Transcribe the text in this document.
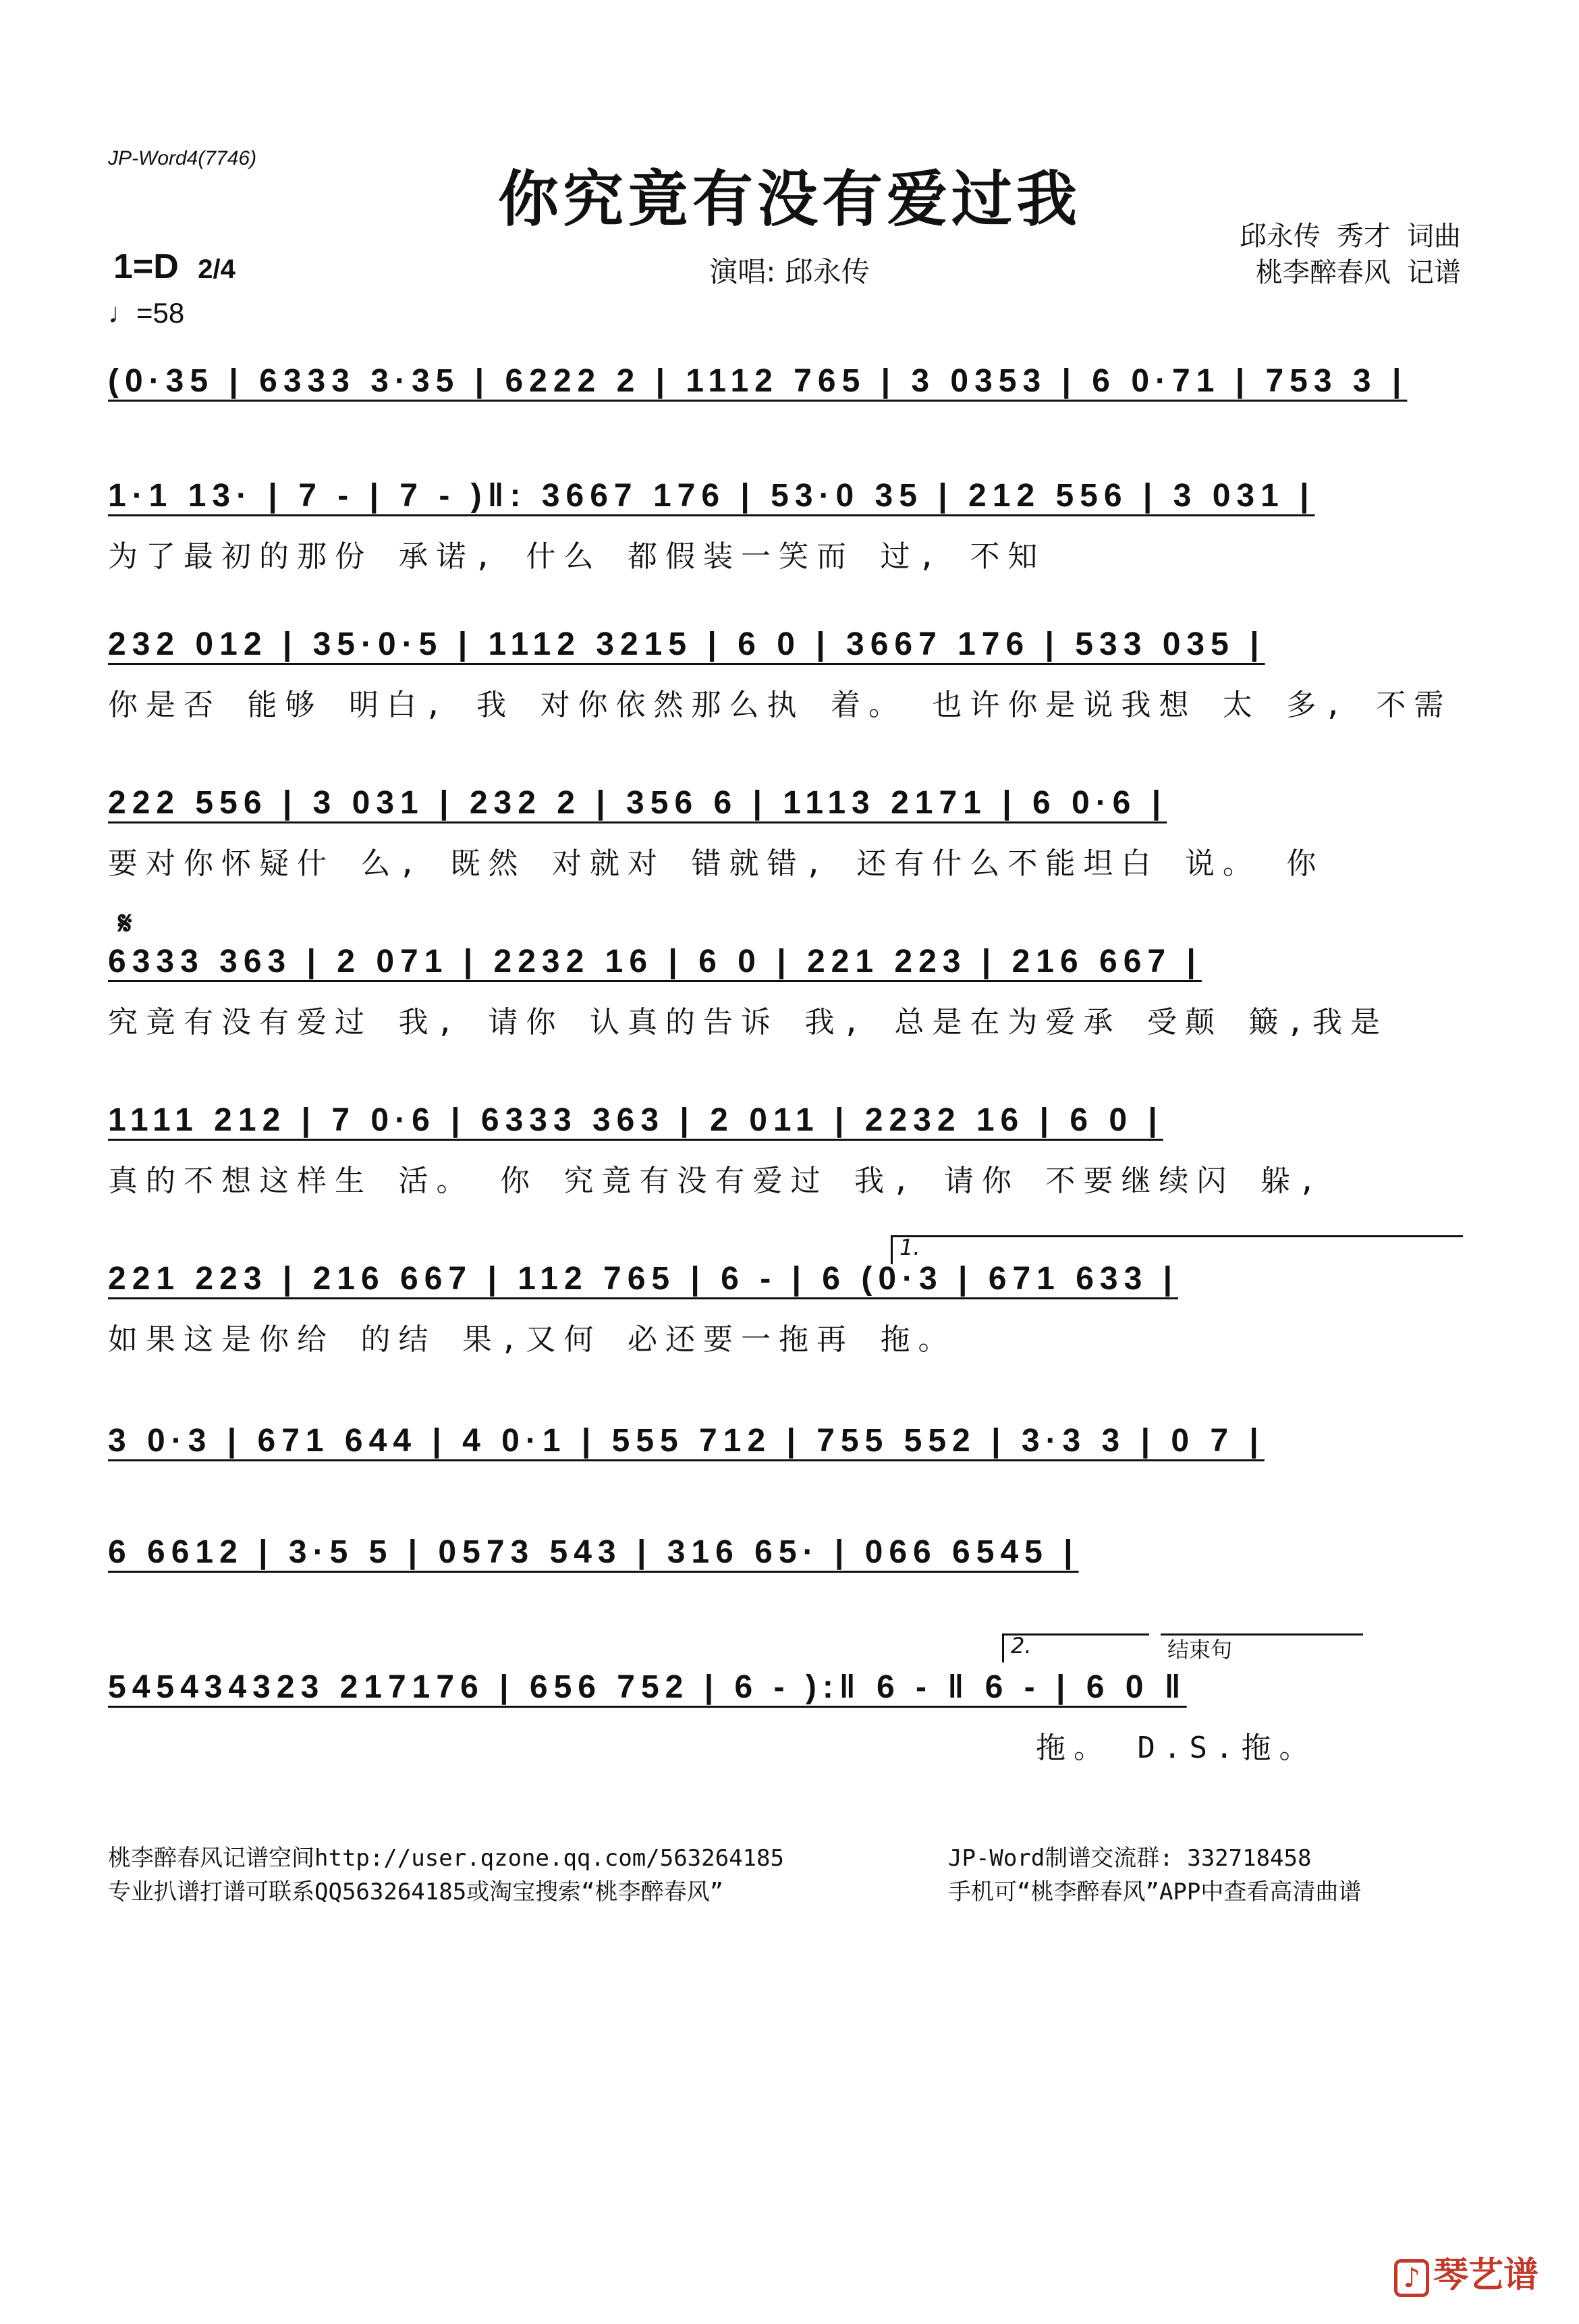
JP-Word4(7746)
你究竟有没有爱过我
邱永传 秀才 词曲
桃李醉春风 记谱
演唱: 邱永传
1=D 2/4
♩=58
𝄋
(0·35 | 6333 3·35 | 6222 2 | 1112 765 | 3 0353 | 6 0·71 | 753 3 |
1·1 13· | 7 - | 7 - )‖: 3667 176 | 53·0 35 | 212 556 | 3 031 |
为了最初的那份 承诺, 什么 都假装一笑而 过, 不知
232 012 | 35·0·5 | 1112 3215 | 6 0 | 3667 176 | 533 035 |
你是否 能够 明白, 我 对你依然那么执 着。 也许你是说我想 太 多, 不需
222 556 | 3 031 | 232 2 | 356 6 | 1113 2171 | 6 0·6 |
要对你怀疑什 么, 既然 对就对 错就错, 还有什么不能坦白 说。 你
6333 363 | 2 071 | 2232 16 | 6 0 | 221 223 | 216 667 |
究竟有没有爱过 我, 请你 认真的告诉 我, 总是在为爱承 受颠 簸,我是
1111 212 | 7 0·6 | 6333 363 | 2 011 | 2232 16 | 6 0 |
真的不想这样生 活。 你 究竟有没有爱过 我, 请你 不要继续闪 躲,
221 223 | 216 667 | 112 765 | 6 - | 6 (0·3 | 671 633 |
如果这是你给 的结 果,又何 必还要一拖再 拖。
3 0·3 | 671 644 | 4 0·1 | 555 712 | 755 552 | 3·3 3 | 0 7 |
6 6612 | 3·5 5 | 0573 543 | 316 65· | 066 6545 |
545434323 217176 | 656 752 | 6 - ):‖ 6 - ‖ 6 - | 6 0 ‖
拖。 D.S.拖。
1.
2.	结束句
桃李醉春风记谱空间http://user.qzone.qq.com/563264185
专业扒谱打谱可联系QQ563264185或淘宝搜索“桃李醉春风”
JP-Word制谱交流群: 332718458
手机可“桃李醉春风”APP中查看高清曲谱
♪ 琴艺谱
